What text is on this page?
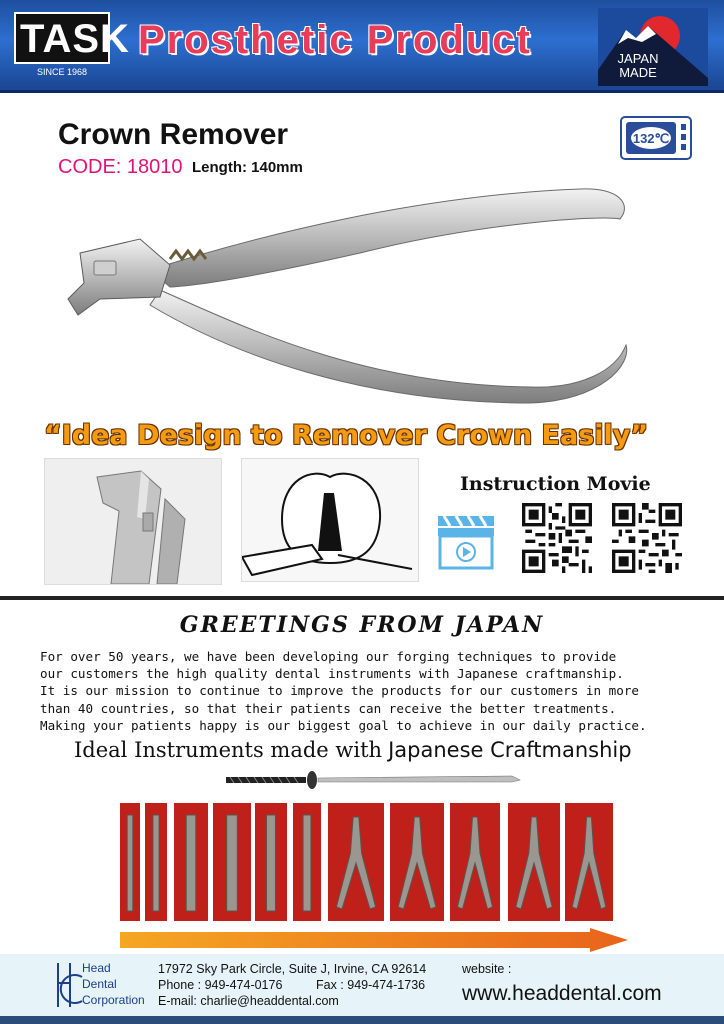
TASK
SINCE 1968
Prosthetic Product	JAPAN MADE
Crown Remover
CODE: 18010 Length: 140mm
132℃
“Idea Design to Remover Crown Easily”
Instruction Movie
GREETINGS FROM JAPAN
For over 50 years, we have been developing our forging techniques to provide
our customers the high quality dental instruments with Japanese craftmanship.
It is our mission to continue to improve the products for our customers in more
than 40 countries, so that their patients can receive the better treatments.
Making your patients happy is our biggest goal to achieve in our daily practice.
Ideal Instruments made with Japanese Craftmanship
Head
Dental
Corporation
17972 Sky Park Circle, Suite J, Irvine, CA 92614
Phone : 949-474-0176	Fax : 949-474-1736
E-mail: charlie@headdental.com
website :
www.headdental.com
